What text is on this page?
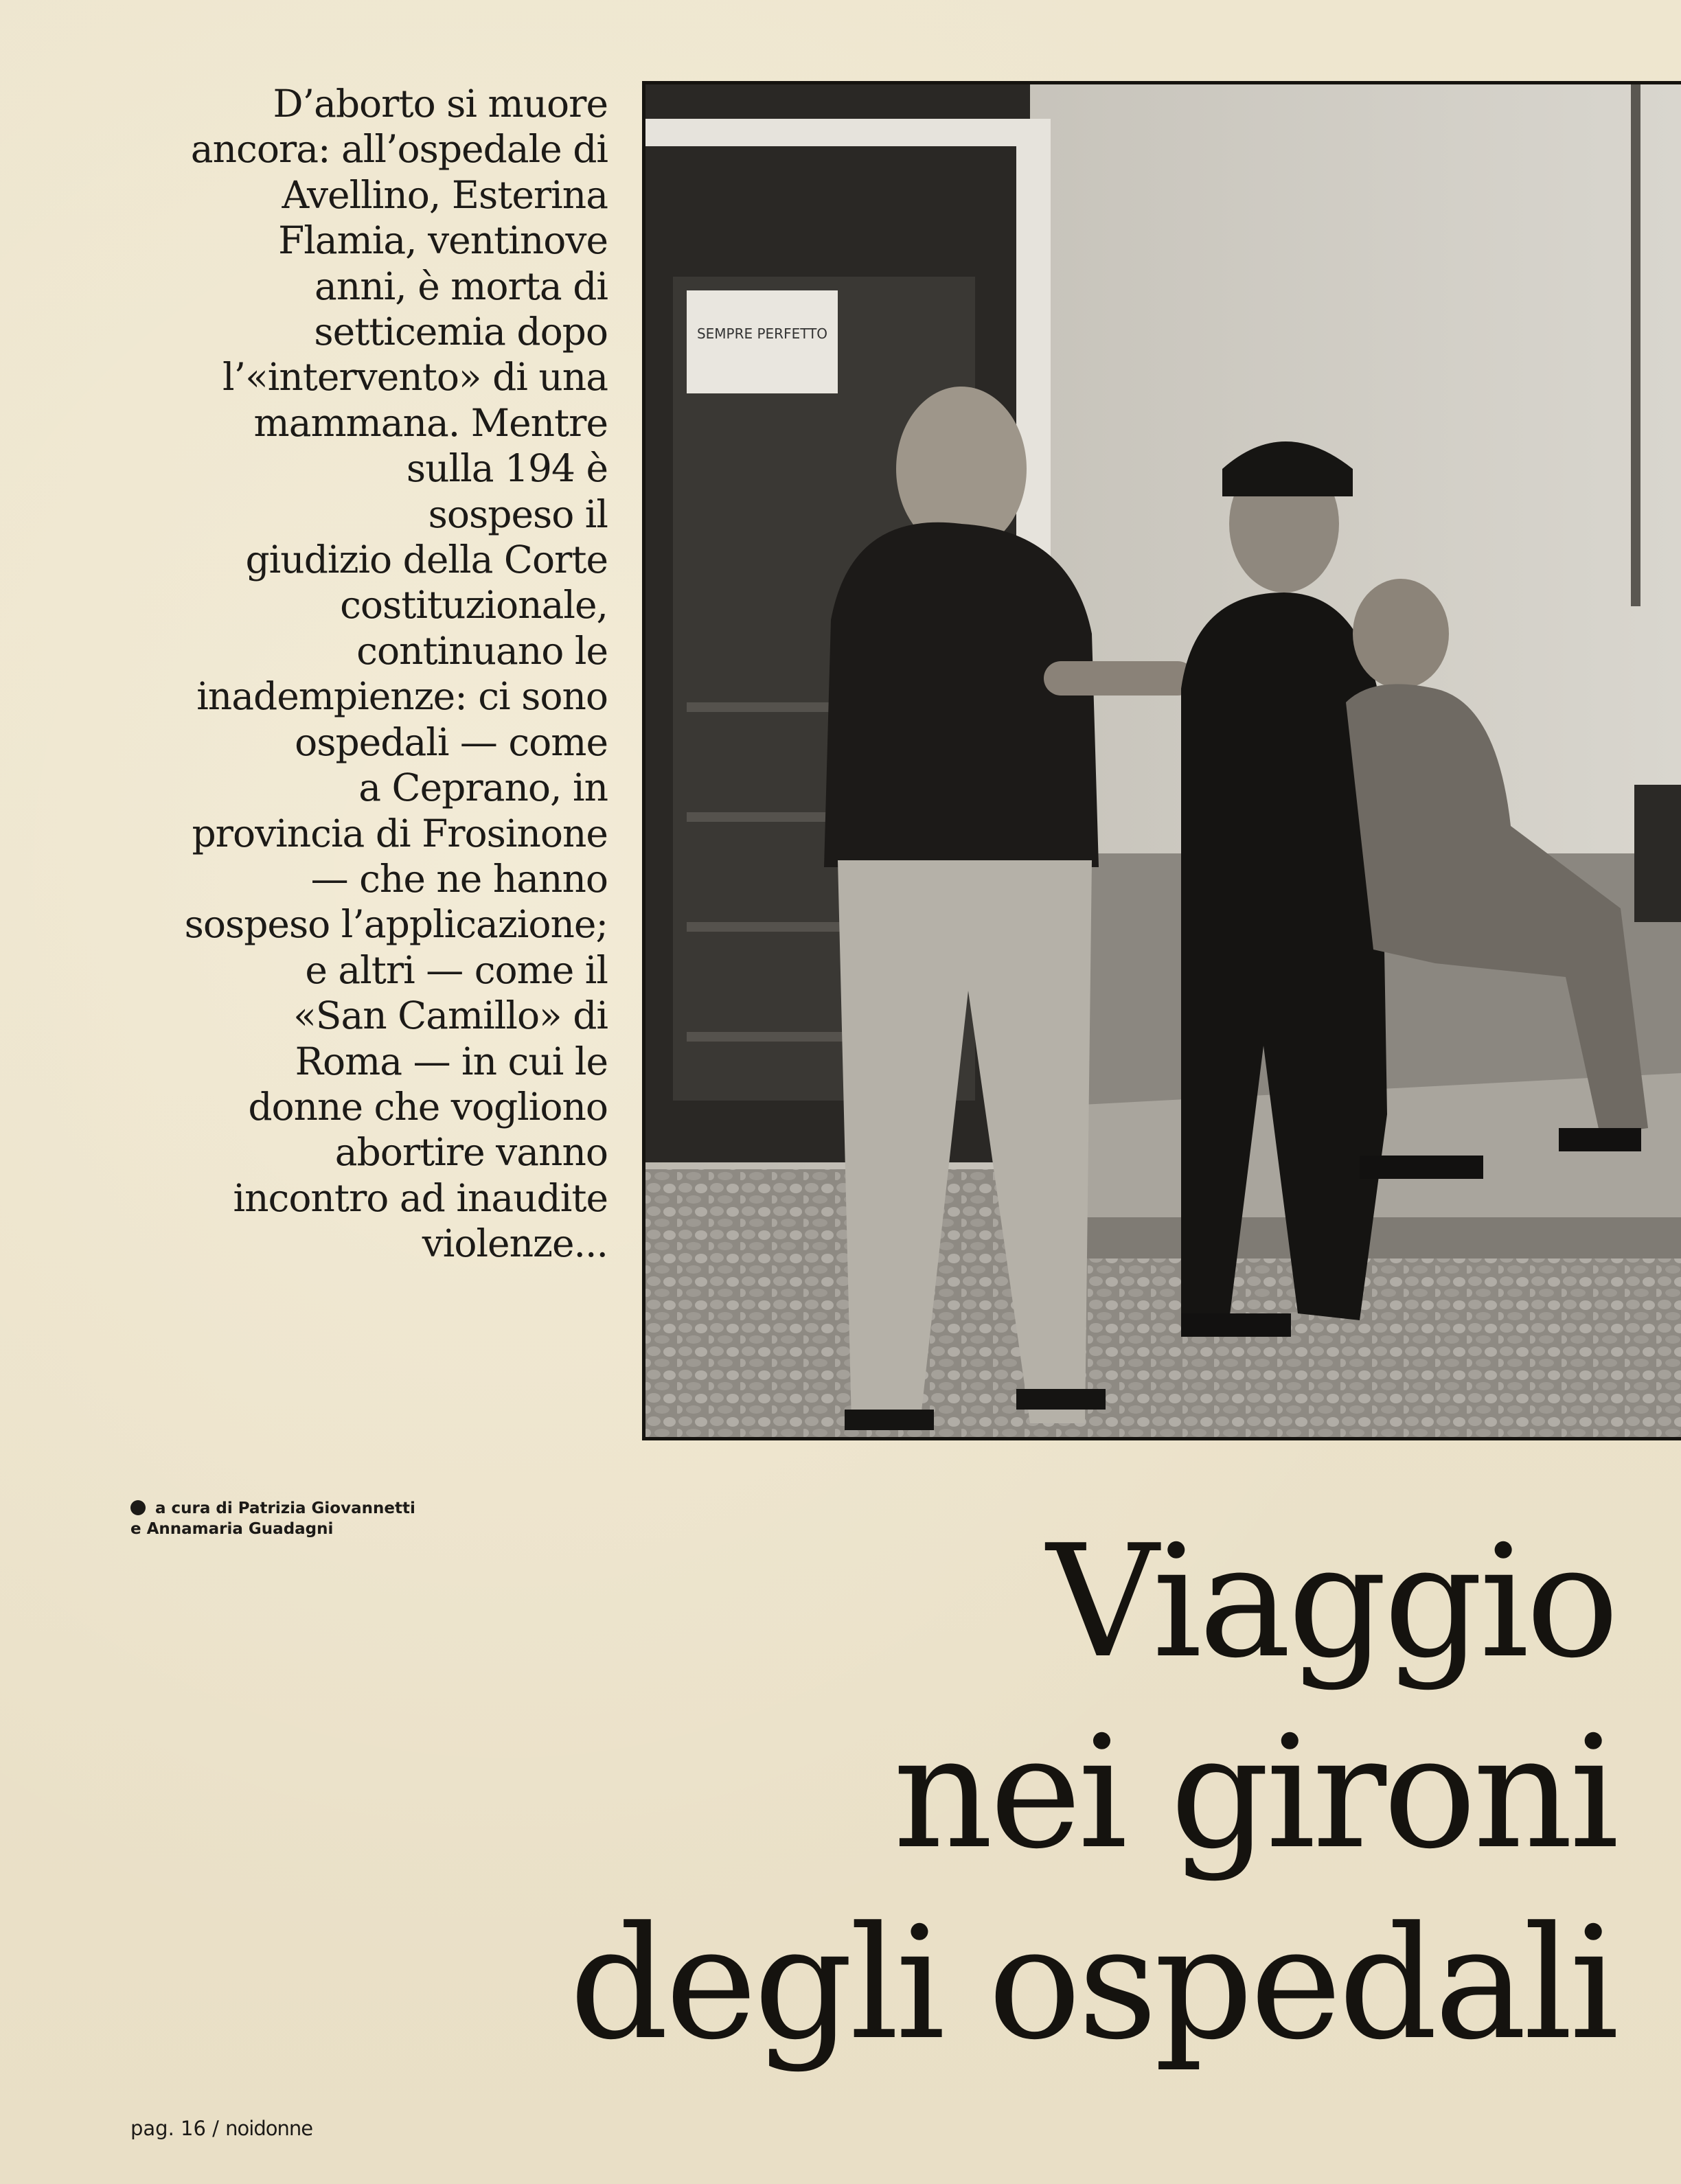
D’aborto si muore
ancora: all’ospedale di
Avellino, Esterina
Flamia, ventinove
anni, è morta di
setticemia dopo
l’«intervento» di una
mammana. Mentre
sulla 194 è
sospeso il
giudizio della Corte
costituzionale,
continuano le
inadempienze: ci sono
ospedali — come
a Ceprano, in
provincia di Frosinone
— che ne hanno
sospeso l’applicazione;
e altri — come il
«San Camillo» di
Roma — in cui le
donne che vogliono
abortire vanno
incontro ad inaudite
violenze...
a cura di Patrizia Giovannetti
e Annamaria Guadagni
SEMPRE PERFETTO
Viaggio
nei gironi
degli ospedali
pag. 16 / noidonne
